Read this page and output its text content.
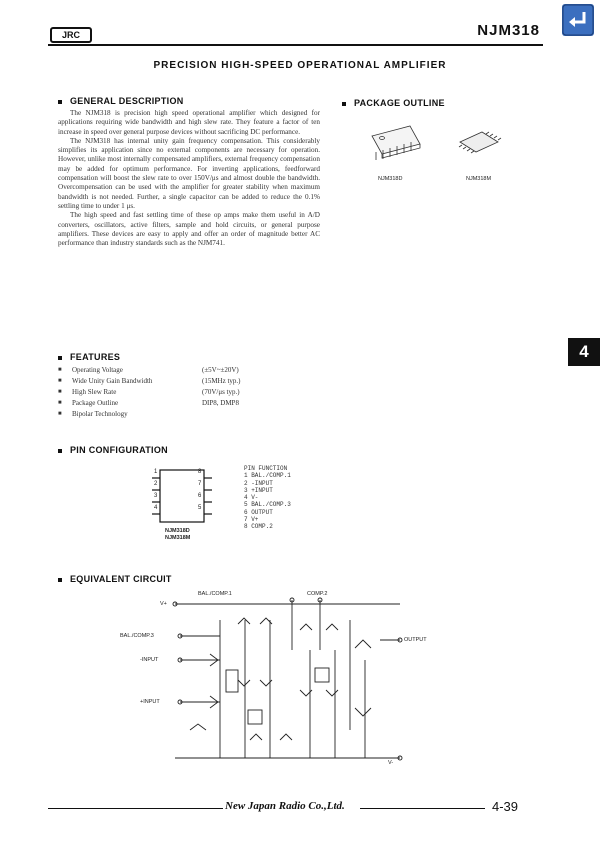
JRC	NJM318
PRECISION HIGH-SPEED OPERATIONAL AMPLIFIER
GENERAL DESCRIPTION

The NJM318 is precision high speed operational amplifier which designed for applications requiring wide bandwidth and high slew rate. They feature a factor of ten increase in speed over general purpose devices without sacrificing DC performance.

The NJM318 has internal unity gain frequency compensation. This considerably simplifies its application since no external components are necessary for operation. However, unlike most internally compensated amplifiers, external frequency compensation may be added for optimum performance. For inverting applications, feedforward compensation will boost the slew rate to over 150V/μs and almost double the bandwidth. Overcompensation can be used with the amplifier for greater stability when maximum bandwidth is not needed. Further, a single capacitor can be added to reduce the 0.1% settling time to under 1 μs.

The high speed and fast settling time of these op amps make them useful in A/D converters, oscillators, active filters, sample and hold circuits, or general purpose amplifiers. These devices are easy to apply and offer an order of magnitude better AC performance than industry standards such as the NJM741.

PACKAGE OUTLINE
NJM318D	NJM318M
FEATURES
■	Operating Voltage	(±5V~±20V)
■	Wide Unity Gain Bandwidth	(15MHz typ.)
■	High Slew Rate	(70V/μs typ.)
■	Package Outline	DIP8, DMP8
■	Bipolar Technology
4
PIN CONFIGURATION
1
2
3
4
8
7
6
5
NJM318D
NJM318M
PIN FUNCTION
1 BAL./COMP.1
2 -INPUT
3 +INPUT
4 V-
5 BAL./COMP.3
6 OUTPUT
7 V+
8 COMP.2
EQUIVALENT CIRCUIT
BAL./COMP.1	COMP.2
V+
BAL./COMP.3
-INPUT
OUTPUT
+INPUT
V-
New Japan Radio Co.,Ltd.	4-39
